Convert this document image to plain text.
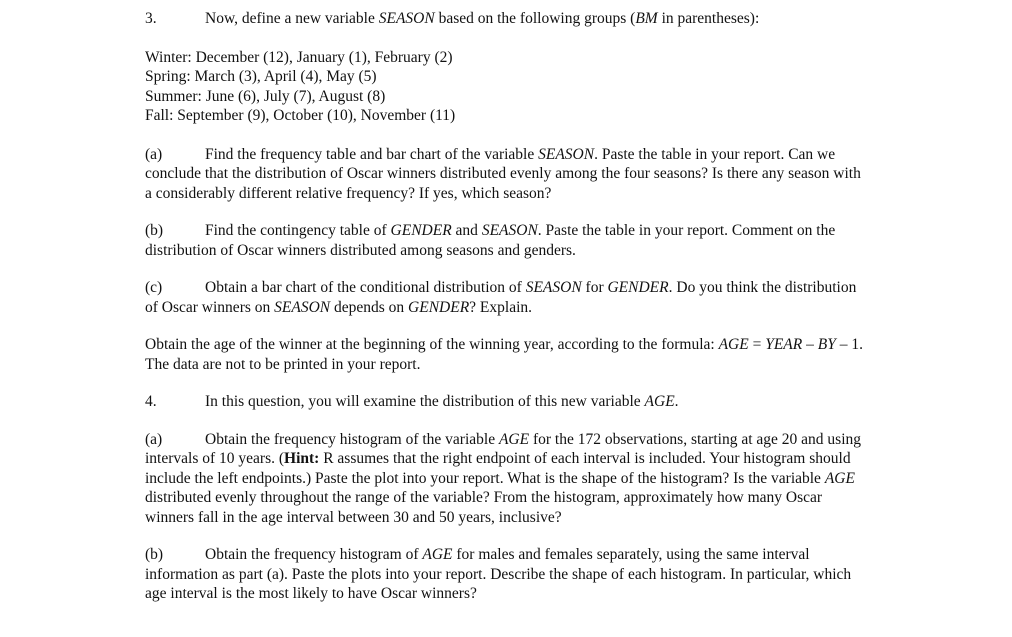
3.	Now, define a new variable SEASON based on the following groups (BM in parentheses):

Winter: December (12), January (1), February (2)

Spring: March (3), April (4), May (5)

Summer: June (6), July (7), August (8)

Fall: September (9), October (10), November (11)

(a)	Find the frequency table and bar chart of the variable SEASON. Paste the table in your report. Can we conclude that the distribution of Oscar winners distributed evenly among the four seasons? Is there any season with a considerably different relative frequency? If yes, which season?

(b)	Find the contingency table of GENDER and SEASON. Paste the table in your report. Comment on the distribution of Oscar winners distributed among seasons and genders.

(c)	Obtain a bar chart of the conditional distribution of SEASON for GENDER. Do you think the distribution of Oscar winners on SEASON depends on GENDER? Explain.

Obtain the age of the winner at the beginning of the winning year, according to the formula: AGE = YEAR – BY – 1. The data are not to be printed in your report.

4.	In this question, you will examine the distribution of this new variable AGE.

(a)	Obtain the frequency histogram of the variable AGE for the 172 observations, starting at age 20 and using intervals of 10 years. (Hint: R assumes that the right endpoint of each interval is included. Your histogram should include the left endpoints.) Paste the plot into your report. What is the shape of the histogram? Is the variable AGE distributed evenly throughout the range of the variable? From the histogram, approximately how many Oscar winners fall in the age interval between 30 and 50 years, inclusive?

(b)	Obtain the frequency histogram of AGE for males and females separately, using the same interval information as part (a). Paste the plots into your report. Describe the shape of each histogram. In particular, which age interval is the most likely to have Oscar winners?
